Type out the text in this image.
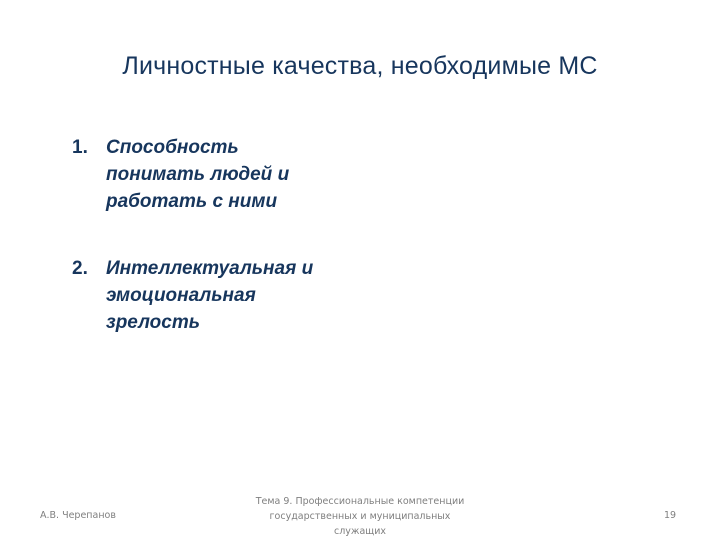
Личностные качества, необходимые МС
1. Способность
понимать людей и
работать с ними
2. Интеллектуальная и
эмоциональная
зрелость
А.В. Черепанов
Тема 9. Профессиональные компетенции
государственных и муниципальных
служащих
19
